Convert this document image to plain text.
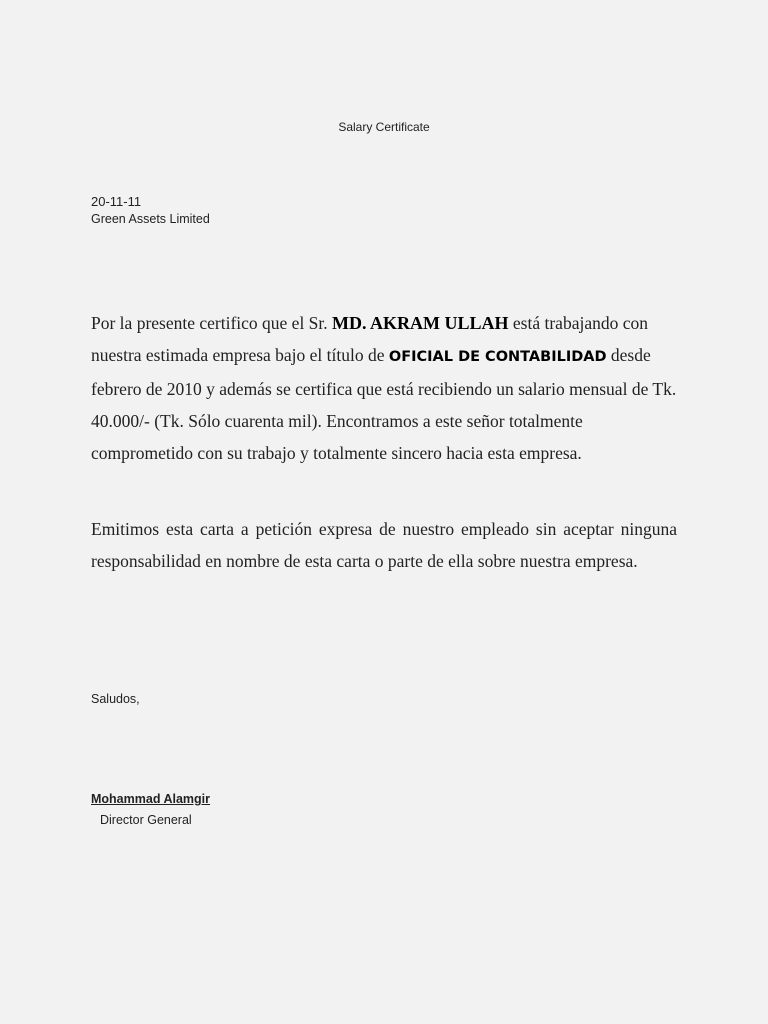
Salary Certificate
20-11-11
Green Assets Limited

Por la presente certifico que el Sr. MD. AKRAM ULLAH está trabajando con nuestra estimada empresa bajo el título de OFICIAL DE CONTABILIDAD desde febrero de 2010 y además se certifica que está recibiendo un salario mensual de Tk. 40.000/- (Tk. Sólo cuarenta mil). Encontramos a este señor totalmente comprometido con su trabajo y totalmente sincero hacia esta empresa.

Emitimos esta carta a petición expresa de nuestro empleado sin aceptar ninguna responsabilidad en nombre de esta carta o parte de ella sobre nuestra empresa.

Saludos,
Mohammad Alamgir
Director General
